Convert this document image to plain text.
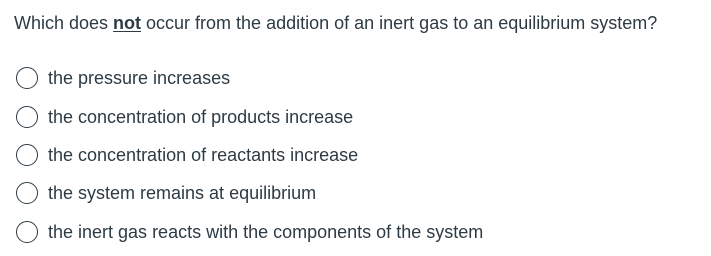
Which does not occur from the addition of an inert gas to an equilibrium system?
the pressure increases
the concentration of products increase
the concentration of reactants increase
the system remains at equilibrium
the inert gas reacts with the components of the system
